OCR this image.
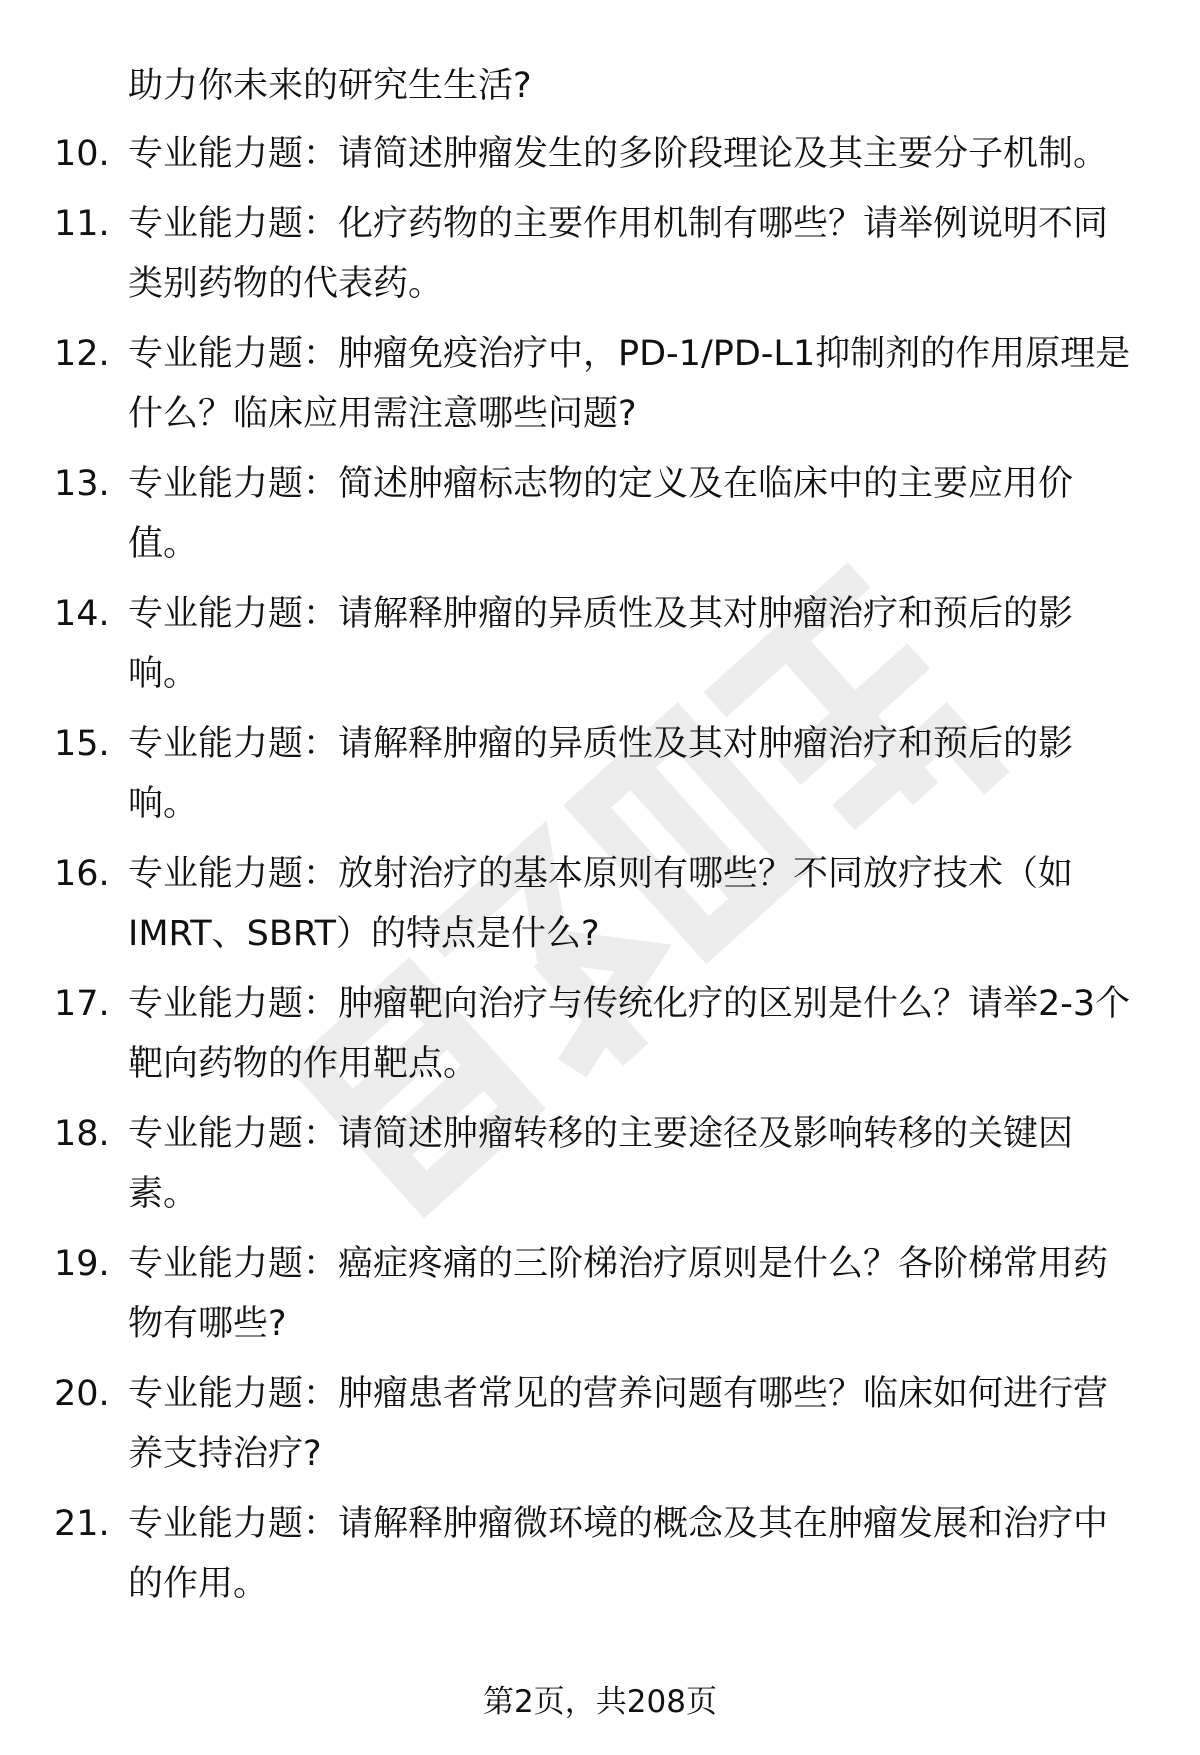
助力你未来的研究生生活?
10. 专业能力题：请简述肿瘤发生的多阶段理论及其主要分子机制。
11. 专业能力题：化疗药物的主要作用机制有哪些？请举例说明不同类别药物的代表药。
12. 专业能力题：肿瘤免疫治疗中，PD-1/PD-L1抑制剂的作用原理是什么？临床应用需注意哪些问题?
13. 专业能力题：简述肿瘤标志物的定义及在临床中的主要应用价值。
14. 专业能力题：请解释肿瘤的异质性及其对肿瘤治疗和预后的影响。
15. 专业能力题：请解释肿瘤的异质性及其对肿瘤治疗和预后的影响。
16. 专业能力题：放射治疗的基本原则有哪些？不同放疗技术（如IMRT、SBRT）的特点是什么?
17. 专业能力题：肿瘤靶向治疗与传统化疗的区别是什么？请举2-3个靶向药物的作用靶点。
18. 专业能力题：请简述肿瘤转移的主要途径及影响转移的关键因素。
19. 专业能力题：癌症疼痛的三阶梯治疗原则是什么？各阶梯常用药物有哪些?
20. 专业能力题：肿瘤患者常见的营养问题有哪些？临床如何进行营养支持治疗?
21. 专业能力题：请解释肿瘤微环境的概念及其在肿瘤发展和治疗中的作用。
第2页，共208页
